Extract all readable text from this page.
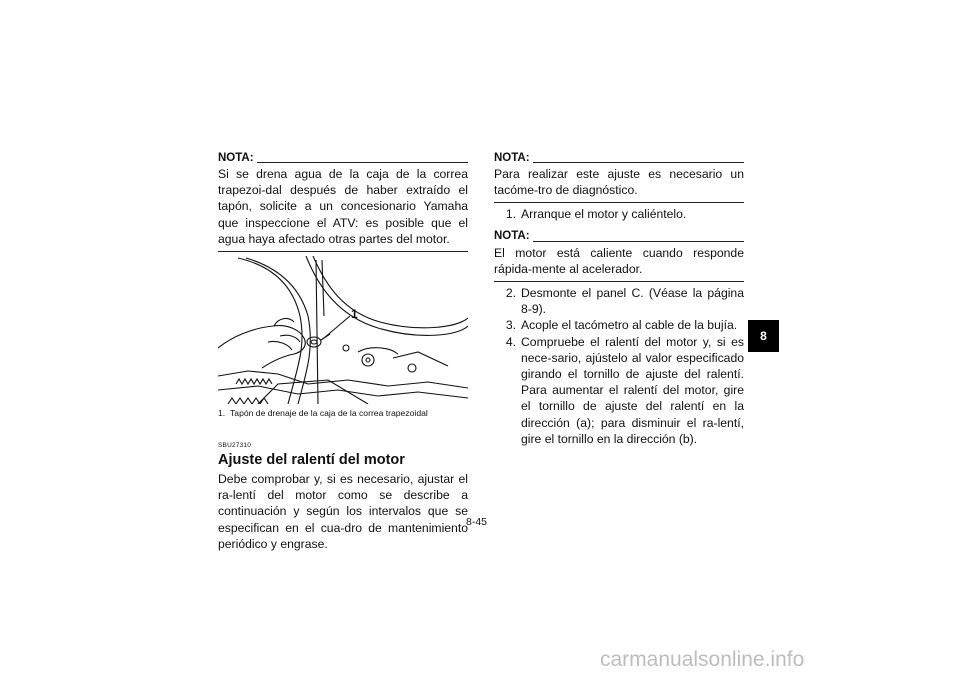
NOTA:

Si se drena agua de la caja de la correa trapezoi-dal después de haber extraído el tapón, solicite a un concesionario Yamaha que inspeccione el ATV: es posible que el agua haya afectado otras partes del motor.

1
1. Tapón de drenaje de la caja de la correa trapezoidal
SBU27310
Ajuste del ralentí del motor

Debe comprobar y, si es necesario, ajustar el ra-lentí del motor como se describe a continuación y según los intervalos que se especifican en el cua-dro de mantenimiento periódico y engrase.

NOTA:

Para realizar este ajuste es necesario un tacóme-tro de diagnóstico.

1. Arranque el motor y caliéntelo.
NOTA:

El motor está caliente cuando responde rápida-mente al acelerador.

2. Desmonte el panel C. (Véase la página 8-9).
3. Acople el tacómetro al cable de la bujía.
4. Compruebe el ralentí del motor y, si es nece-sario, ajústelo al valor especificado girando el tornillo de ajuste del ralentí. Para aumentar el ralentí del motor, gire el tornillo de ajuste del ralentí en la dirección (a); para disminuir el ra-lentí, gire el tornillo en la dirección (b).
8
8-45
carmanualsonline.info
